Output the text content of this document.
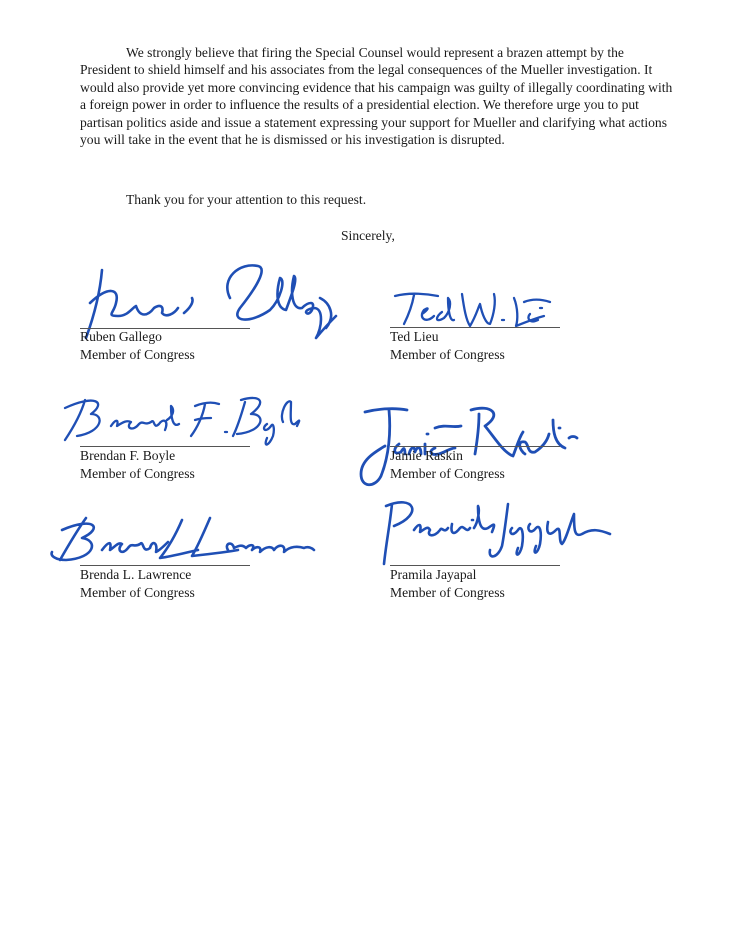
We strongly believe that firing the Special Counsel would represent a brazen attempt by the President to shield himself and his associates from the legal consequences of the Mueller investigation. It would also provide yet more convincing evidence that his campaign was guilty of illegally coordinating with a foreign power in order to influence the results of a presidential election. We therefore urge you to put partisan politics aside and issue a statement expressing your support for Mueller and clarifying what actions you will take in the event that he is dismissed or his investigation is disrupted.

Thank you for your attention to this request.

Sincerely,
Ruben Gallego
Member of Congress
Ted Lieu
Member of Congress
Brendan F. Boyle
Member of Congress
Jamie Raskin
Member of Congress
Brenda L. Lawrence
Member of Congress
Pramila Jayapal
Member of Congress
